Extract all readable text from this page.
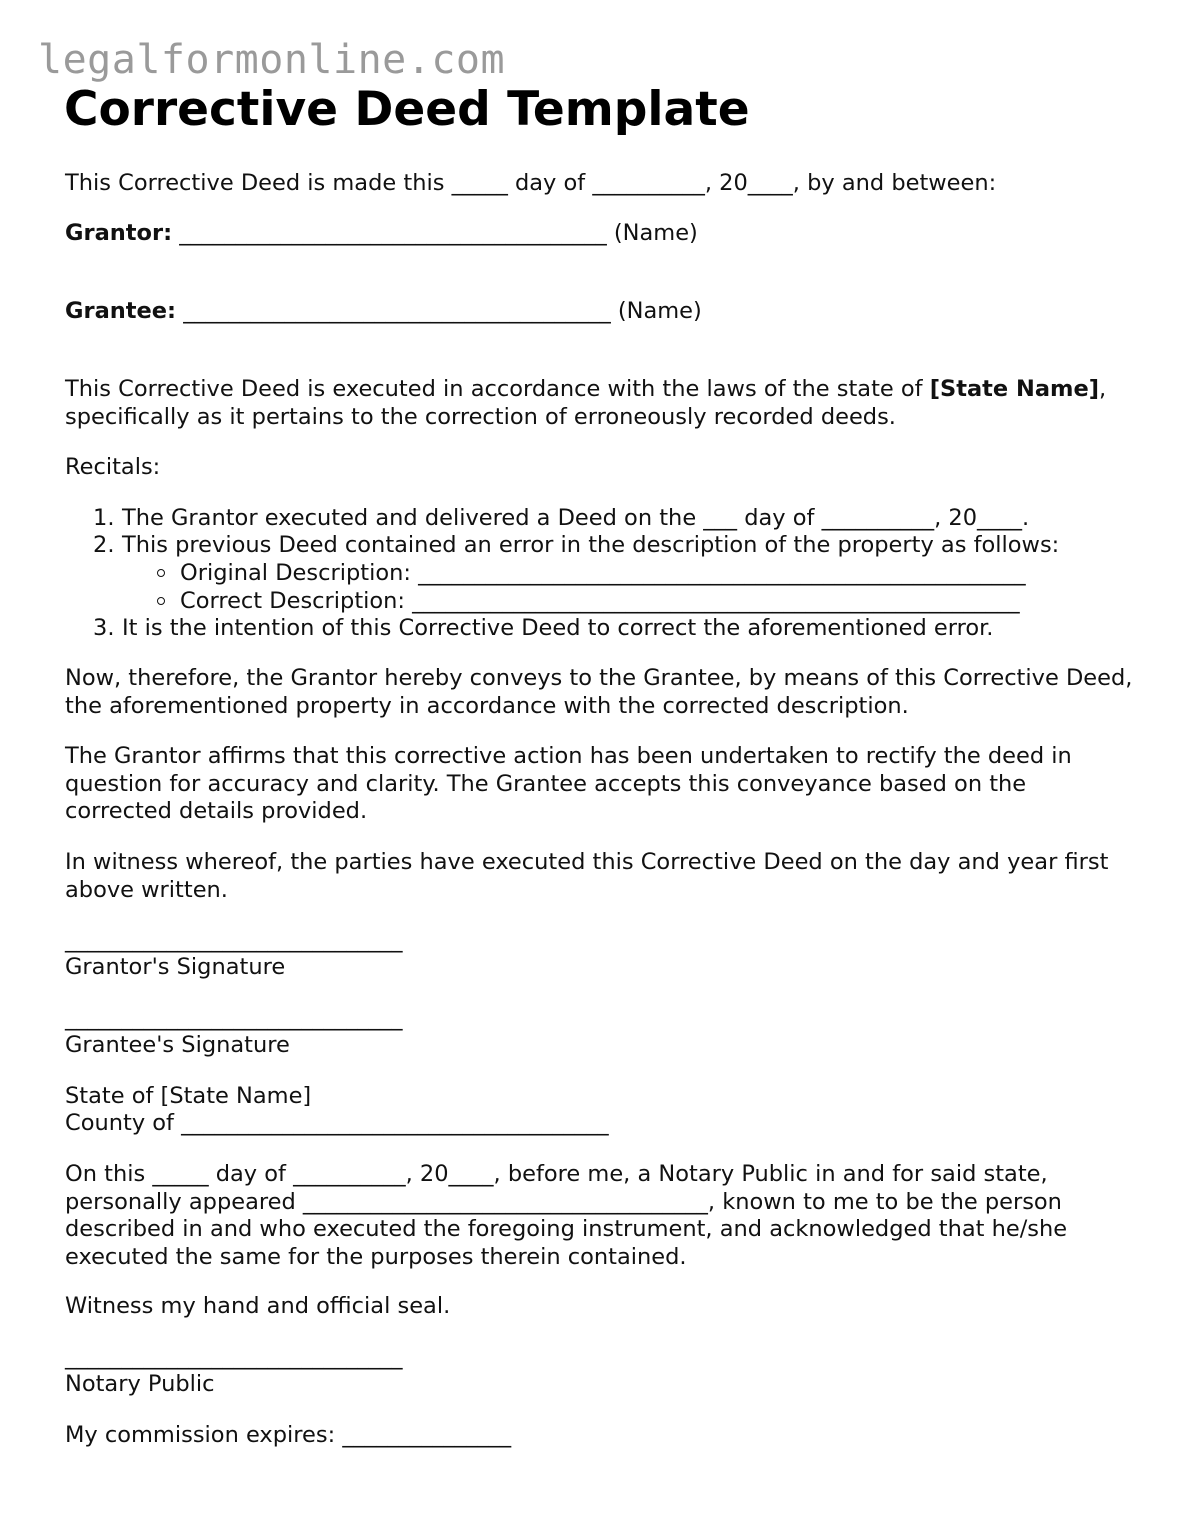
legalformonline.com
Corrective Deed Template
This Corrective Deed is made this _____ day of __________, 20____, by and between:
Grantor: ______________________________________ (Name)
Grantee: ______________________________________ (Name)

This Corrective Deed is executed in accordance with the laws of the state of [State Name], specifically as it pertains to the correction of erroneously recorded deeds.

Recitals:
1. The Grantor executed and delivered a Deed on the ___ day of __________, 20____.
2. This previous Deed contained an error in the description of the property as follows:
Original Description: ______________________________________________________
Correct Description: ______________________________________________________
3. It is the intention of this Corrective Deed to correct the aforementioned error.

Now, therefore, the Grantor hereby conveys to the Grantee, by means of this Corrective Deed, the aforementioned property in accordance with the corrected description.

The Grantor affirms that this corrective action has been undertaken to rectify the deed in question for accuracy and clarity. The Grantee accepts this conveyance based on the corrected details provided.

In witness whereof, the parties have executed this Corrective Deed on the day and year first above written.

______________________________
Grantor's Signature
______________________________
Grantee's Signature
State of [State Name]
County of ______________________________________

On this _____ day of __________, 20____, before me, a Notary Public in and for said state, personally appeared ____________________________________, known to me to be the person described in and who executed the foregoing instrument, and acknowledged that he/she executed the same for the purposes therein contained.

Witness my hand and official seal.
______________________________
Notary Public
My commission expires: _______________
